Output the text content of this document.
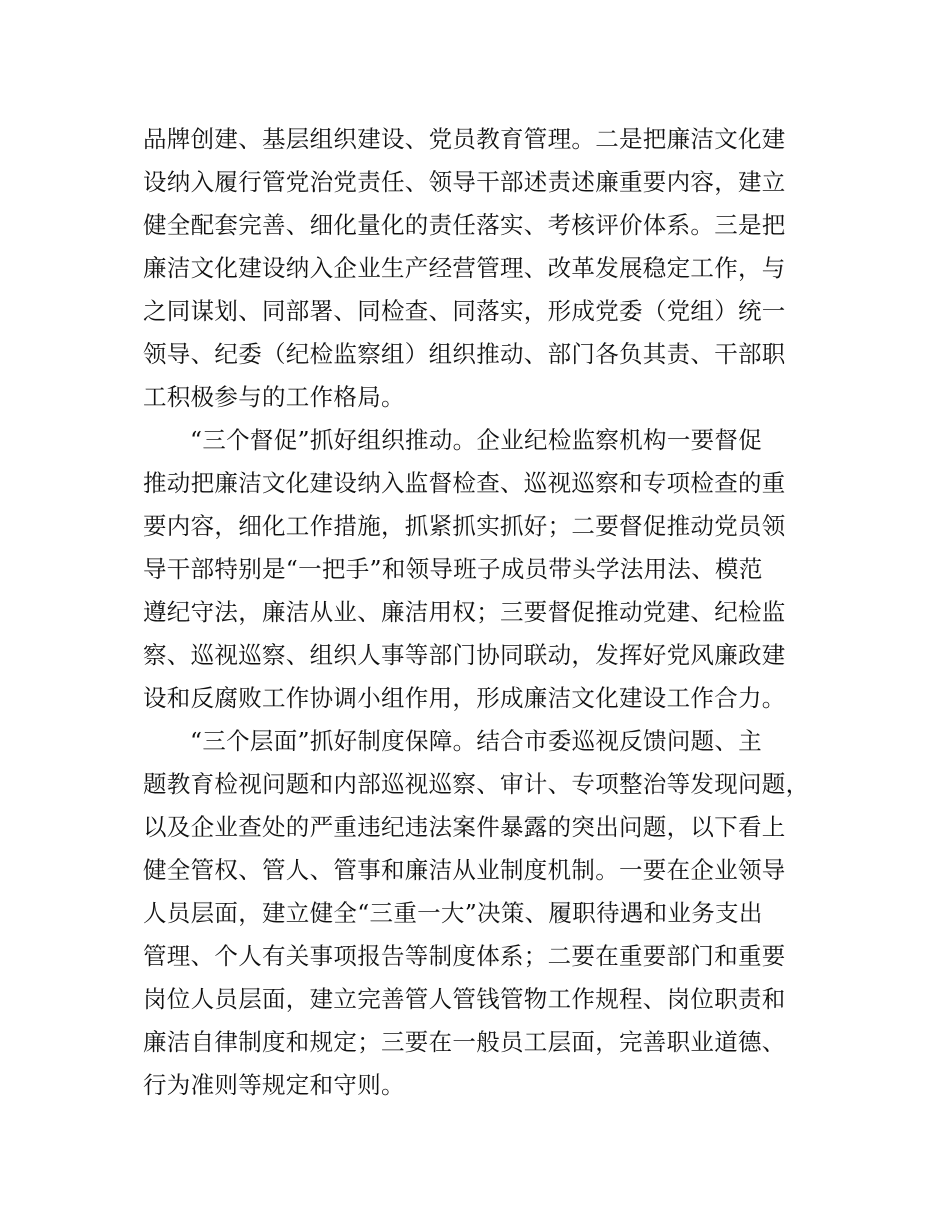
品牌创建、基层组织建设、党员教育管理。二是把廉洁文化建
设纳入履行管党治党责任、领导干部述责述廉重要内容，建立
健全配套完善、细化量化的责任落实、考核评价体系。三是把
廉洁文化建设纳入企业生产经营管理、改革发展稳定工作，与
之同谋划、同部署、同检查、同落实，形成党委（党组）统一
领导、纪委（纪检监察组）组织推动、部门各负其责、干部职
工积极参与的工作格局。
“三个督促”抓好组织推动。企业纪检监察机构一要督促
推动把廉洁文化建设纳入监督检查、巡视巡察和专项检查的重
要内容，细化工作措施，抓紧抓实抓好；二要督促推动党员领
导干部特别是“一把手”和领导班子成员带头学法用法、模范
遵纪守法，廉洁从业、廉洁用权；三要督促推动党建、纪检监
察、巡视巡察、组织人事等部门协同联动，发挥好党风廉政建
设和反腐败工作协调小组作用，形成廉洁文化建设工作合力。
“三个层面”抓好制度保障。结合市委巡视反馈问题、主
题教育检视问题和内部巡视巡察、审计、专项整治等发现问题，
以及企业查处的严重违纪违法案件暴露的突出问题，以下看上
健全管权、管人、管事和廉洁从业制度机制。一要在企业领导
人员层面，建立健全“三重一大”决策、履职待遇和业务支出
管理、个人有关事项报告等制度体系；二要在重要部门和重要
岗位人员层面，建立完善管人管钱管物工作规程、岗位职责和
廉洁自律制度和规定；三要在一般员工层面，完善职业道德、
行为准则等规定和守则。
